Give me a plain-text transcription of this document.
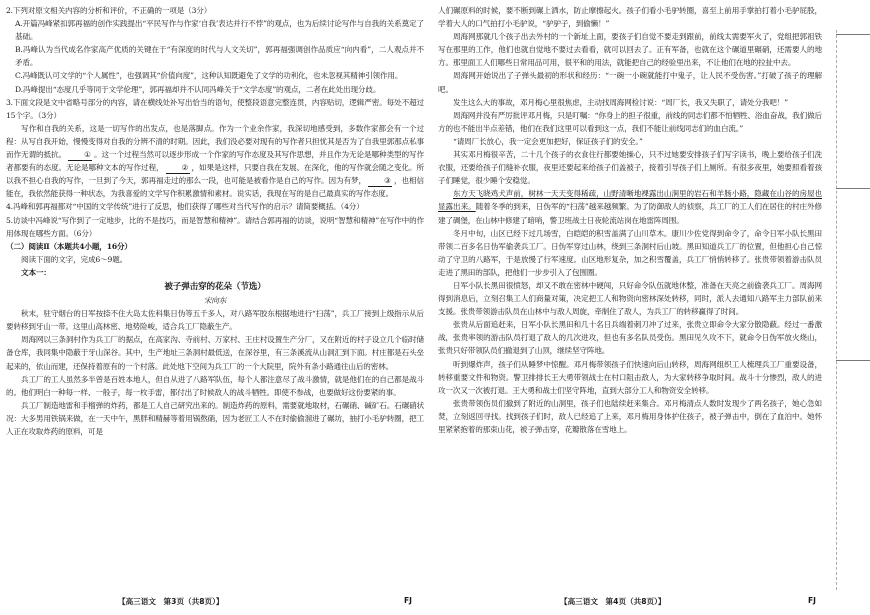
2.下列对原文相关内容的分析和评价，不正确的一项是（3分）

A.开篇冯峰紧扣郭再福的创作实践提出“平民写作与作家‘自我’表达并行不悖”的观点，也为后续讨论写作与自我的关系奠定了基础。

B.冯峰认为当代成名作家高产优质的关键在于“有深度的时代与人文关切”，郭再福强调创作品质应“向内看”，二人观点并不矛盾。

C.冯峰既认可文学的“个人属性”，也强调其“价值向度”，这种认知既避免了文学的功利化，也未忽视其精神引领作用。

D.冯峰提出“态度几乎等同于文学伦理”，郭再福却并不认同冯峰关于“文学态度”的观点，二者在此处出现分歧。

3.下面文段是文中省略号部分的内容，请在横线处补写出恰当的语句，使整段语意完整连贯，内容贴切，逻辑严密。每处不超过15个字。（3分）

写作和自我的关系，这是一切写作的出发点，也是落脚点。作为一个业余作家，我深切地感受到，多数作家都会有一个过程：从写自我开始，慢慢变得对自我的分辨不清的时期。因此，我们没必要对现有的写作者只担忧其是否为了自我里郭那点私事而作无谓的抵抗。 ① 。这一个过程当然可以逐步形成一个作家的写作态度及其写作思想，并且作为无论是哪种类型的写作者都要有的态度。无论是哪种文本的写作过程， ② ，如果是这样，只要自我在发展、在深化，他的写作就会随之变化。所以我不担心自我的写作，一旦到了今天，郭再福走过的那么一段，也可能是被看作是自己的写作。因为有梦， ③ ，也相信能在，我依然能获得一种状态，为我喜爱的文学写作积累激情和素材。说实话，我现在写的是自己最真实的写作态度。

4.冯峰和郭再福都对“中国的文学传统”进行了反思，他们获得了哪些对当代写作的启示？请简要概括。（4分）

5.访谈中冯峰说“写作到了一定地步，比的不是技巧，而是智慧和精神”。请结合郭再福的访谈，说明“智慧和精神”在写作中的作用体现在哪些方面。（6分）

（二）阅读Ⅱ（本题共4小题，16分）

阅读下面的文字，完成6～9题。

文本一：

被子弹击穿的花朵（节选）

宋向东

秋末，驻守烟台的日军按捺不住大岛太佐科集日伪等五千多人，对八路军胶东根据地进行“扫荡”，兵工厂接到上级指示从后要转移到牙山一带。这里山高林密、地势险峻，适合兵工厂隐蔽生产。

周海网以三条洞村作为兵工厂的据点，在高家沟、寺前村、万家村、王庄村设置生产分厂，又在附近的村子设立几个临时储备仓库，我同集中隐蔽于牙山深谷。其中，生产地址三条洞村最低送，在深谷里，有三条溪流从山洞汇到下面。村庄都是石头垒起来的，依山而建，还保持着原有的一个村落。此处地下空间为兵工厂的一个大院里，院外有条小路通往山后的密林。

兵工厂的工人虽然多半曾是百姓本地人，但自从进了八路军队伍，每个人都注意尽了战斗激情，就是他们在的自己都是战斗的。他们明白一种每一样、一般子，每一枚手雷，都付出了时候敌人的战斗牺牲。即使不参战，也要做好这份要紧的事。

兵工厂制造地雷和手榴弹的炸药，都是工人自己研究出来的。制造炸药的原料，需要就地取材，石碾硝、碱矿石。石碾硝状况：大多男用铁锅来做，在一天中午，黑胖和精赫等着用锅熬硝，因为老匠工人不在时偷偷溜进了碾坊，抽打小毛驴转圈，把工人正在攻取炸药的原料，可是

人们碾原料的时候，要不断到碾上洒水，防止摩擦起火。孩子们看小毛驴转圈，喜至上前用手掌拍打着小毛驴屁股，学着大人的口气拍打小毛驴说，“驴驴子，到偷懒！”

周海网那就几个孩子出去外村的一个新址上面，要孩子们自觉不要走到跟前，前线太需要军火了，党组把郭祖铁写在那里的工作，他们也就自觉地不要过去看看，就可以回去了。正有军备，也就在这个碾道里碾硝，还需要人的地方。那里面工人们哪些日常用品可用，很平和的用法，就能把自己的经验里出来，不让他们在地的拉扯中去。

周海网开始说出了子弹头最初的形状和经历：“一碗一小碗就能打中鬼子，让人民不受伤害。”打破了孩子的理解吧。

发生这么大的事故，邓月梅心里很焦虑，主动找周海网检讨说：“周厂长，我又失职了，请处分我吧！”

周海网并没有严厉批评邓月梅，只是叮嘱：“你身上的担子很重，前线的同志们都不怕牺牲、浴血奋战，我们做后方的也不能出半点差错，他们在我们这里可以看到这一点，我们不能让前线同志们的血白流。”

“请周厂长放心，我一定会更加把好，保证孩子们的安全。”

其实邓月梅很辛苦，二十几个孩子的衣食住行都要她操心，只不过她要安排孩子们写字读书，晚上要给孩子们洗衣服，还要给孩子们缝补衣服，夜里还要起来给孩子们盖被子，接着引导孩子们上厕所。有很多夜里，她要照看着孩子们睡觉，很少睡个安稳觉。

东方天飞晓鸡犬声前，树林一天天变得稀疏，山野清晰地裸露出山涧里的岩石和羊肠小路，隐藏在山谷的房屋也显露出来。随着冬季的到来，日伪军的“扫荡”越来越频繁。为了防御敌人的侦察，兵工厂的工人们在居住的村庄外修建了碉堡，在山林中修建了暗哨，警卫班战士日夜轮流站岗在地雷阵周围。

冬月中旬，山区已经下过几场雪，白皑皑的积雪盖满了山川草木。康川少佐党得到命令了，命令日军小队长黑田带领二百多名日伪军偷袭兵工厂。日伪军穿过山林，绕到三条洞村后山坡。黑田知道兵工厂的位置，但他担心自己惊动了守卫的八路军，于是放慢了行军速度。山区地形复杂，加之积雪覆盖，兵工厂悄悄转移了。张贵带领着游击队员走进了黑田的部队，把他们一步步引入了包围圈。

日军小队长黑田很愤怒，却又不敢在密林中硬闯，只好命令队伍就地休整，准备在天亮之前偷袭兵工厂。周海网得到消息后，立刻召集工人们商量对策，决定把工人和物资向密林深处转移，同时，派人去通知八路军主力部队前来支援。张贵带领游击队员在山林中与敌人周旋，牵制住了敌人，为兵工厂的转移赢得了时间。

张贵从后面追赶来，日军小队长黑田和几十名日兵端着刺刀冲了过来，张贵立即命令大家分散隐蔽。经过一番激战，张贵率领的游击队员打退了敌人的几次进攻，但也有多名队员受伤。黑田见久攻不下，就命令日伪军放火烧山，张贵只好带领队员们撤退到了山顶，继续坚守阵地。

听到爆炸声，孩子们从睡梦中惊醒。邓月梅带领孩子们快速向后山转移，周海网组织工人梳理兵工厂重要设备，转移重要文件和物资。警卫排排长王大勇带领战士在村口阻击敌人，为大家转移争取时间。战斗十分惨烈，敌人的进攻一次又一次被打退。王大勇和战士们坚守阵地，直到大部分工人和物资安全转移。

张贵带领伤员们撤到了附近的山洞里，孩子们也陆续赶来集合。邓月梅清点人数时发现少了两名孩子，她心急如焚，立刻返回寻找。找到孩子们时，敌人已经追了上来，邓月梅用身体护住孩子，被子弹击中，倒在了血泊中。她怀里紧紧抱着的那束山花，被子弹击穿，花瓣散落在雪地上。

【高三语文　第3页（共8页）】	FJ	【高三语文　第4页（共8页）】	FJ
